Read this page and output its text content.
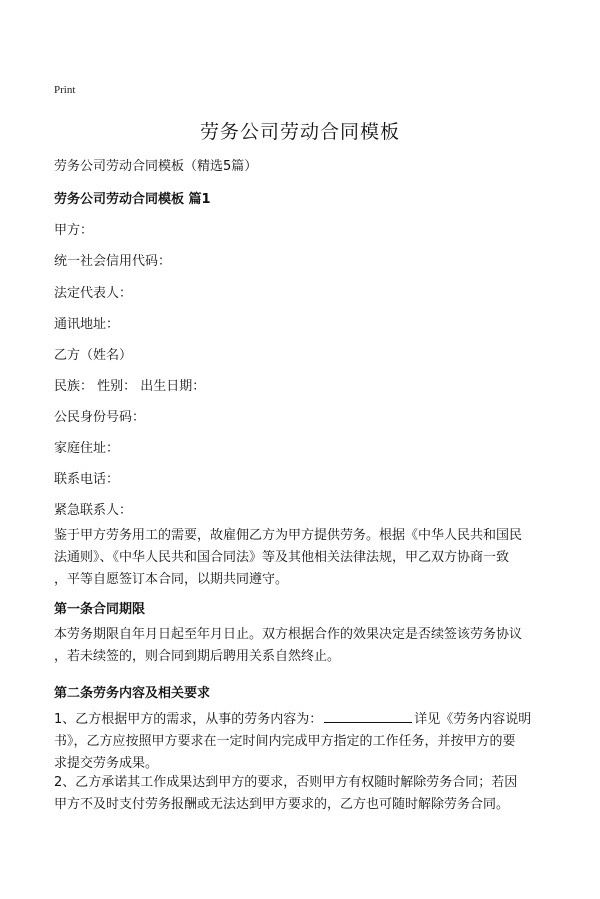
Print
劳务公司劳动合同模板
劳务公司劳动合同模板（精选5篇）
劳务公司劳动合同模板 篇1
甲方：
统一社会信用代码：
法定代表人：
通讯地址：
乙方（姓名）
民族： 性别： 出生日期：
公民身份号码：
家庭住址：
联系电话：
紧急联系人：
鉴于甲方劳务用工的需要，故雇佣乙方为甲方提供劳务。根据《中华人民共和国民
法通则》、《中华人民共和国合同法》等及其他相关法律法规，甲乙双方协商一致
，平等自愿签订本合同，以期共同遵守。
第一条合同期限
本劳务期限自年月日起至年月日止。双方根据合作的效果决定是否续签该劳务协议
，若未续签的，则合同到期后聘用关系自然终止。
第二条劳务内容及相关要求
1、乙方根据甲方的需求，从事的劳务内容为：	详见《劳务内容说明
书》，乙方应按照甲方要求在一定时间内完成甲方指定的工作任务，并按甲方的要
求提交劳务成果。
2、乙方承诺其工作成果达到甲方的要求，否则甲方有权随时解除劳务合同；若因
甲方不及时支付劳务报酬或无法达到甲方要求的，乙方也可随时解除劳务合同。
